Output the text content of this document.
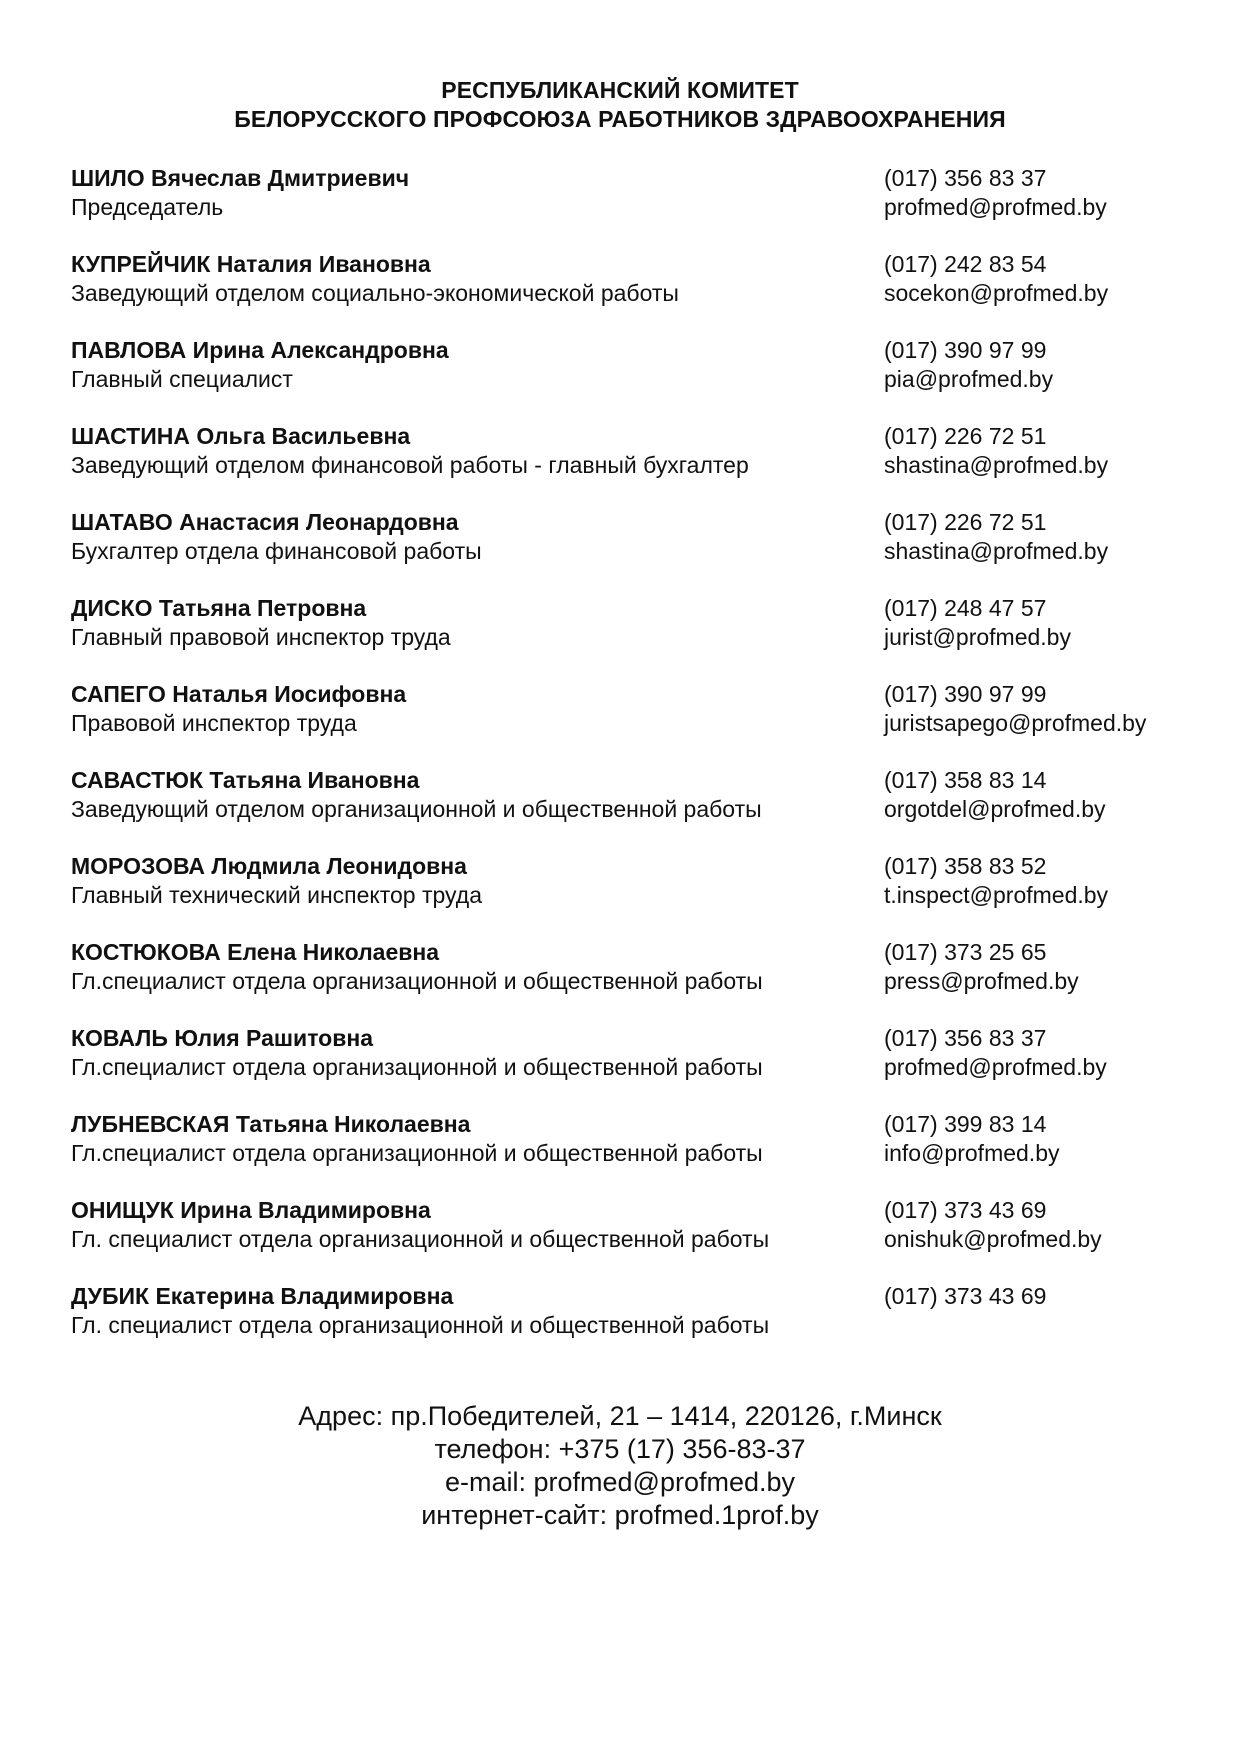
РЕСПУБЛИКАНСКИЙ КОМИТЕТ
БЕЛОРУССКОГО ПРОФСОЮЗА РАБОТНИКОВ ЗДРАВООХРАНЕНИЯ
ШИЛО Вячеслав Дмитриевич
Председатель
(017) 356 83 37
profmed@profmed.by
КУПРЕЙЧИК Наталия Ивановна
Заведующий отделом социально-экономической работы
(017) 242 83 54
socekon@profmed.by
ПАВЛОВА Ирина Александровна
Главный специалист
(017) 390 97 99
pia@profmed.by
ШАСТИНА Ольга Васильевна
Заведующий отделом финансовой работы - главный бухгалтер
(017) 226 72 51
shastina@profmed.by
ШАТАВО Анастасия Леонардовна
Бухгалтер отдела финансовой работы
(017) 226 72 51
shastina@profmed.by
ДИСКО Татьяна Петровна
Главный правовой инспектор труда
(017) 248 47 57
jurist@profmed.by
САПЕГО Наталья Иосифовна
Правовой инспектор труда
(017) 390 97 99
juristsapego@profmed.by
САВАСТЮК Татьяна Ивановна
Заведующий отделом организационной и общественной работы
(017) 358 83 14
orgotdel@profmed.by
МОРОЗОВА Людмила Леонидовна
Главный технический инспектор труда
(017) 358 83 52
t.inspect@profmed.by
КОСТЮКОВА Елена Николаевна
Гл.специалист отдела организационной и общественной работы
(017) 373 25 65
press@profmed.by
КОВАЛЬ Юлия Рашитовна
Гл.специалист отдела организационной и общественной работы
(017) 356 83 37
profmed@profmed.by
ЛУБНЕВСКАЯ Татьяна Николаевна
Гл.специалист отдела организационной и общественной работы
(017) 399 83 14
info@profmed.by
ОНИЩУК Ирина Владимировна
Гл. специалист отдела организационной и общественной работы
(017) 373 43 69
onishuk@profmed.by
ДУБИК Екатерина Владимировна
Гл. специалист отдела организационной и общественной работы
(017) 373 43 69
Адрес: пр.Победителей, 21 – 1414, 220126, г.Минск
телефон: +375 (17) 356-83-37
e-mail: profmed@profmed.by
интернет-сайт: profmed.1prof.by
